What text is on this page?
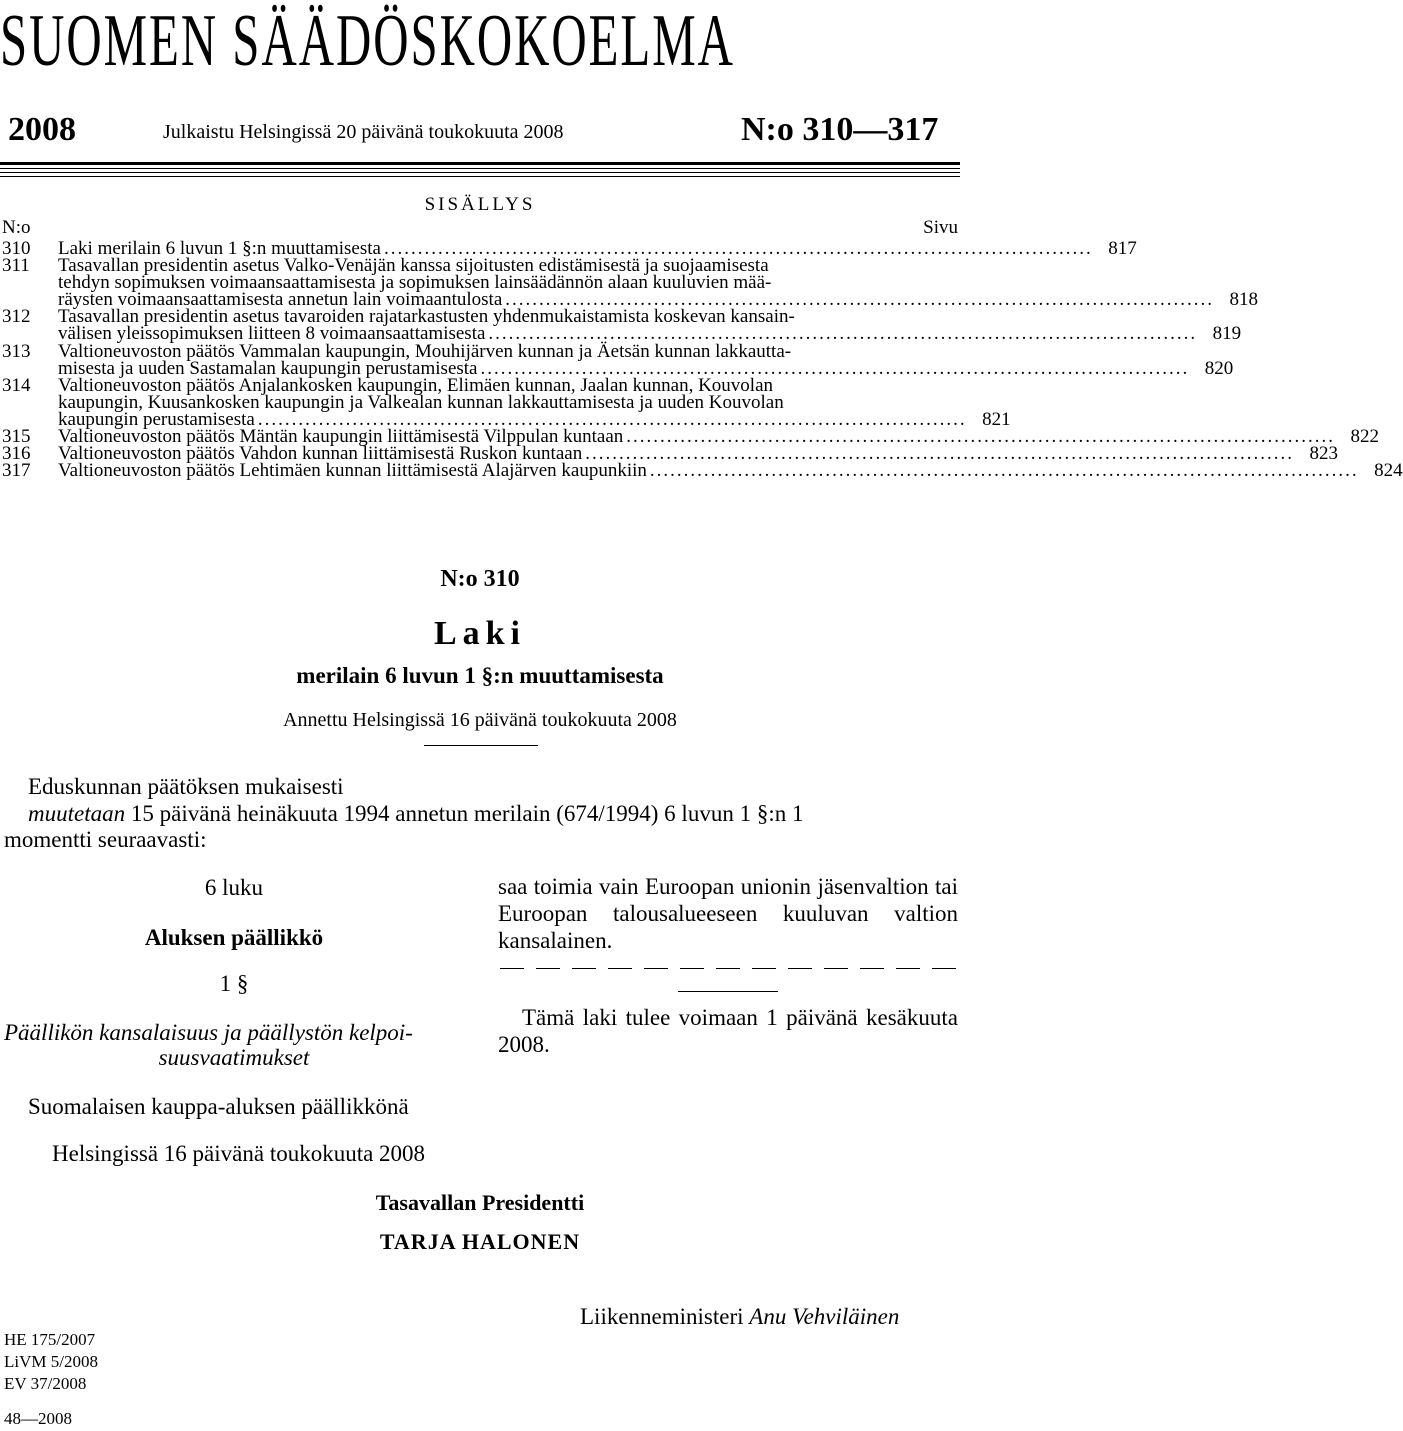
SUOMEN SÄÄDÖSKOKOELMA
2008	Julkaistu Helsingissä 20 päivänä toukokuuta 2008	N:o 310—317
SISÄLLYS
N:o	Sivu
310	Laki merilain 6 luvun 1 §:n muuttamisesta ......................................................................................................... 817
311	Tasavallan presidentin asetus Valko-Venäjän kanssa sijoitusten edistämisestä ja suojaamisesta
tehdyn sopimuksen voimaansaattamisesta ja sopimuksen lainsäädännön alaan kuuluvien mää-
räysten voimaansaattamisesta annetun lain voimaantulosta ......................................................................................................... 818
312	Tasavallan presidentin asetus tavaroiden rajatarkastusten yhdenmukaistamista koskevan kansain-
välisen yleissopimuksen liitteen 8 voimaansaattamisesta ......................................................................................................... 819
313	Valtioneuvoston päätös Vammalan kaupungin, Mouhijärven kunnan ja Äetsän kunnan lakkautta-
misesta ja uuden Sastamalan kaupungin perustamisesta ......................................................................................................... 820
314	Valtioneuvoston päätös Anjalankosken kaupungin, Elimäen kunnan, Jaalan kunnan, Kouvolan
kaupungin, Kuusankosken kaupungin ja Valkealan kunnan lakkauttamisesta ja uuden Kouvolan
kaupungin perustamisesta ......................................................................................................... 821
315	Valtioneuvoston päätös Mäntän kaupungin liittämisestä Vilppulan kuntaan ......................................................................................................... 822
316	Valtioneuvoston päätös Vahdon kunnan liittämisestä Ruskon kuntaan ......................................................................................................... 823
317	Valtioneuvoston päätös Lehtimäen kunnan liittämisestä Alajärven kaupunkiin ......................................................................................................... 824
N:o 310
Laki
merilain 6 luvun 1 §:n muuttamisesta
Annettu Helsingissä 16 päivänä toukokuuta 2008
Eduskunnan päätöksen mukaisesti
muutetaan 15 päivänä heinäkuuta 1994 annetun merilain (674/1994) 6 luvun 1 §:n 1
momentti seuraavasti:
6 luku
Aluksen päällikkö
1 §
Päällikön kansalaisuus ja päällystön kelpoi-
suusvaatimukset
Suomalaisen kauppa-aluksen päällikkönä
saa toimia vain Euroopan unionin jäsenvaltion tai Euroopan talousalueeseen kuuluvan valtion kansalainen.
Tämä laki tulee voimaan 1 päivänä kesäkuuta 2008.
Helsingissä 16 päivänä toukokuuta 2008
Tasavallan Presidentti
TARJA HALONEN
Liikenneministeri Anu Vehviläinen
HE 175/2007
LiVM 5/2008
EV 37/2008
48—2008
